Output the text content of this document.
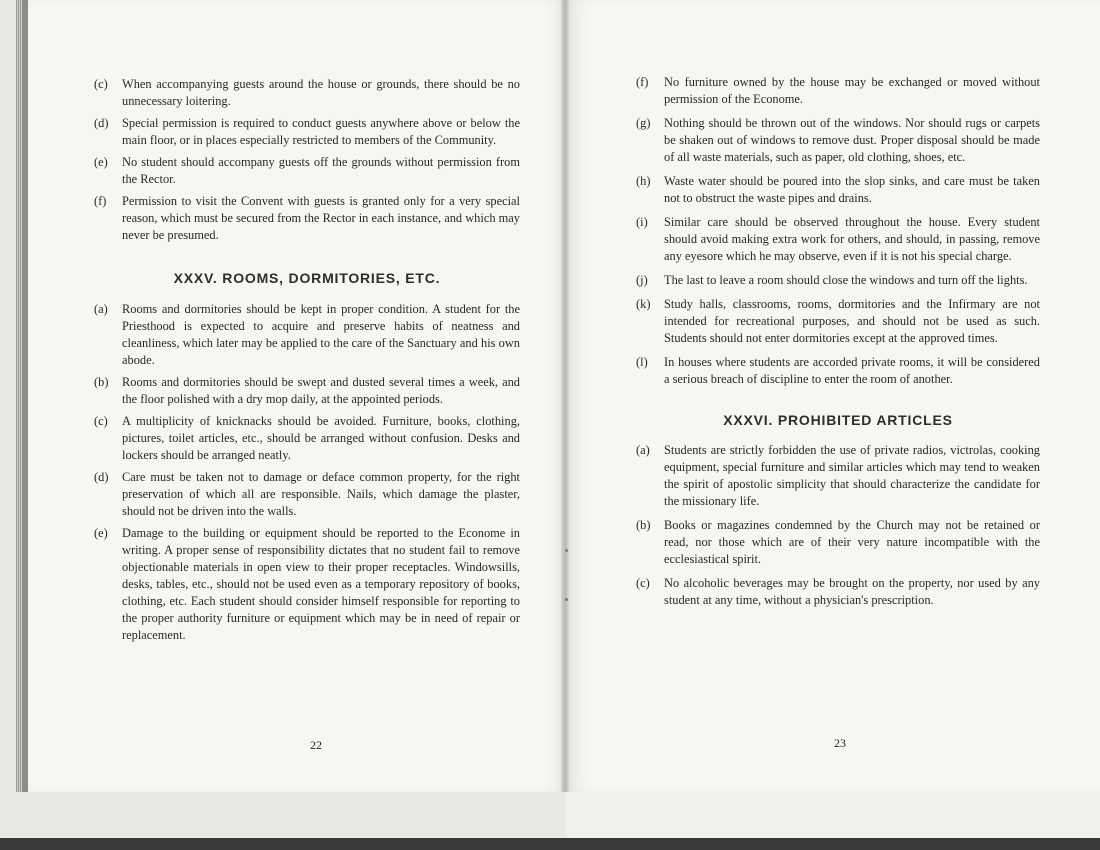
(c)	When accompanying guests around the house or grounds, there should be no unnecessary loitering.
(d)	Special permission is required to conduct guests anywhere above or below the main floor, or in places especially restricted to members of the Community.
(e)	No student should accompany guests off the grounds without permission from the Rector.
(f)	Permission to visit the Convent with guests is granted only for a very special reason, which must be secured from the Rector in each instance, and which may never be presumed.
XXXV. ROOMS, DORMITORIES, ETC.
(a)	Rooms and dormitories should be kept in proper condition. A student for the Priesthood is expected to acquire and preserve habits of neatness and cleanliness, which later may be applied to the care of the Sanctuary and his own abode.
(b)	Rooms and dormitories should be swept and dusted several times a week, and the floor polished with a dry mop daily, at the appointed periods.
(c)	A multiplicity of knicknacks should be avoided. Furniture, books, clothing, pictures, toilet articles, etc., should be arranged without confusion. Desks and lockers should be arranged neatly.
(d)	Care must be taken not to damage or deface common property, for the right preservation of which all are responsible. Nails, which damage the plaster, should not be driven into the walls.
(e)	Damage to the building or equipment should be reported to the Econome in writing. A proper sense of responsibility dictates that no student fail to remove objectionable materials in open view to their proper receptacles. Windowsills, desks, tables, etc., should not be used even as a temporary repository of books, clothing, etc. Each student should consider himself responsible for reporting to the proper authority furniture or equipment which may be in need of repair or replacement.
22
(f)	No furniture owned by the house may be exchanged or moved without permission of the Econome.
(g)	Nothing should be thrown out of the windows. Nor should rugs or carpets be shaken out of windows to remove dust. Proper disposal should be made of all waste materials, such as paper, old clothing, shoes, etc.
(h)	Waste water should be poured into the slop sinks, and care must be taken not to obstruct the waste pipes and drains.
(i)	Similar care should be observed throughout the house. Every student should avoid making extra work for others, and should, in passing, remove any eyesore which he may observe, even if it is not his special charge.
(j)	The last to leave a room should close the windows and turn off the lights.
(k)	Study halls, classrooms, rooms, dormitories and the Infirmary are not intended for recreational purposes, and should not be used as such. Students should not enter dormitories except at the approved times.
(l)	In houses where students are accorded private rooms, it will be considered a serious breach of discipline to enter the room of another.
XXXVI. PROHIBITED ARTICLES
(a)	Students are strictly forbidden the use of private radios, victrolas, cooking equipment, special furniture and similar articles which may tend to weaken the spirit of apostolic simplicity that should characterize the candidate for the missionary life.
(b)	Books or magazines condemned by the Church may not be retained or read, nor those which are of their very nature incompatible with the ecclesiastical spirit.
(c)	No alcoholic beverages may be brought on the property, nor used by any student at any time, without a physician's prescription.
23
